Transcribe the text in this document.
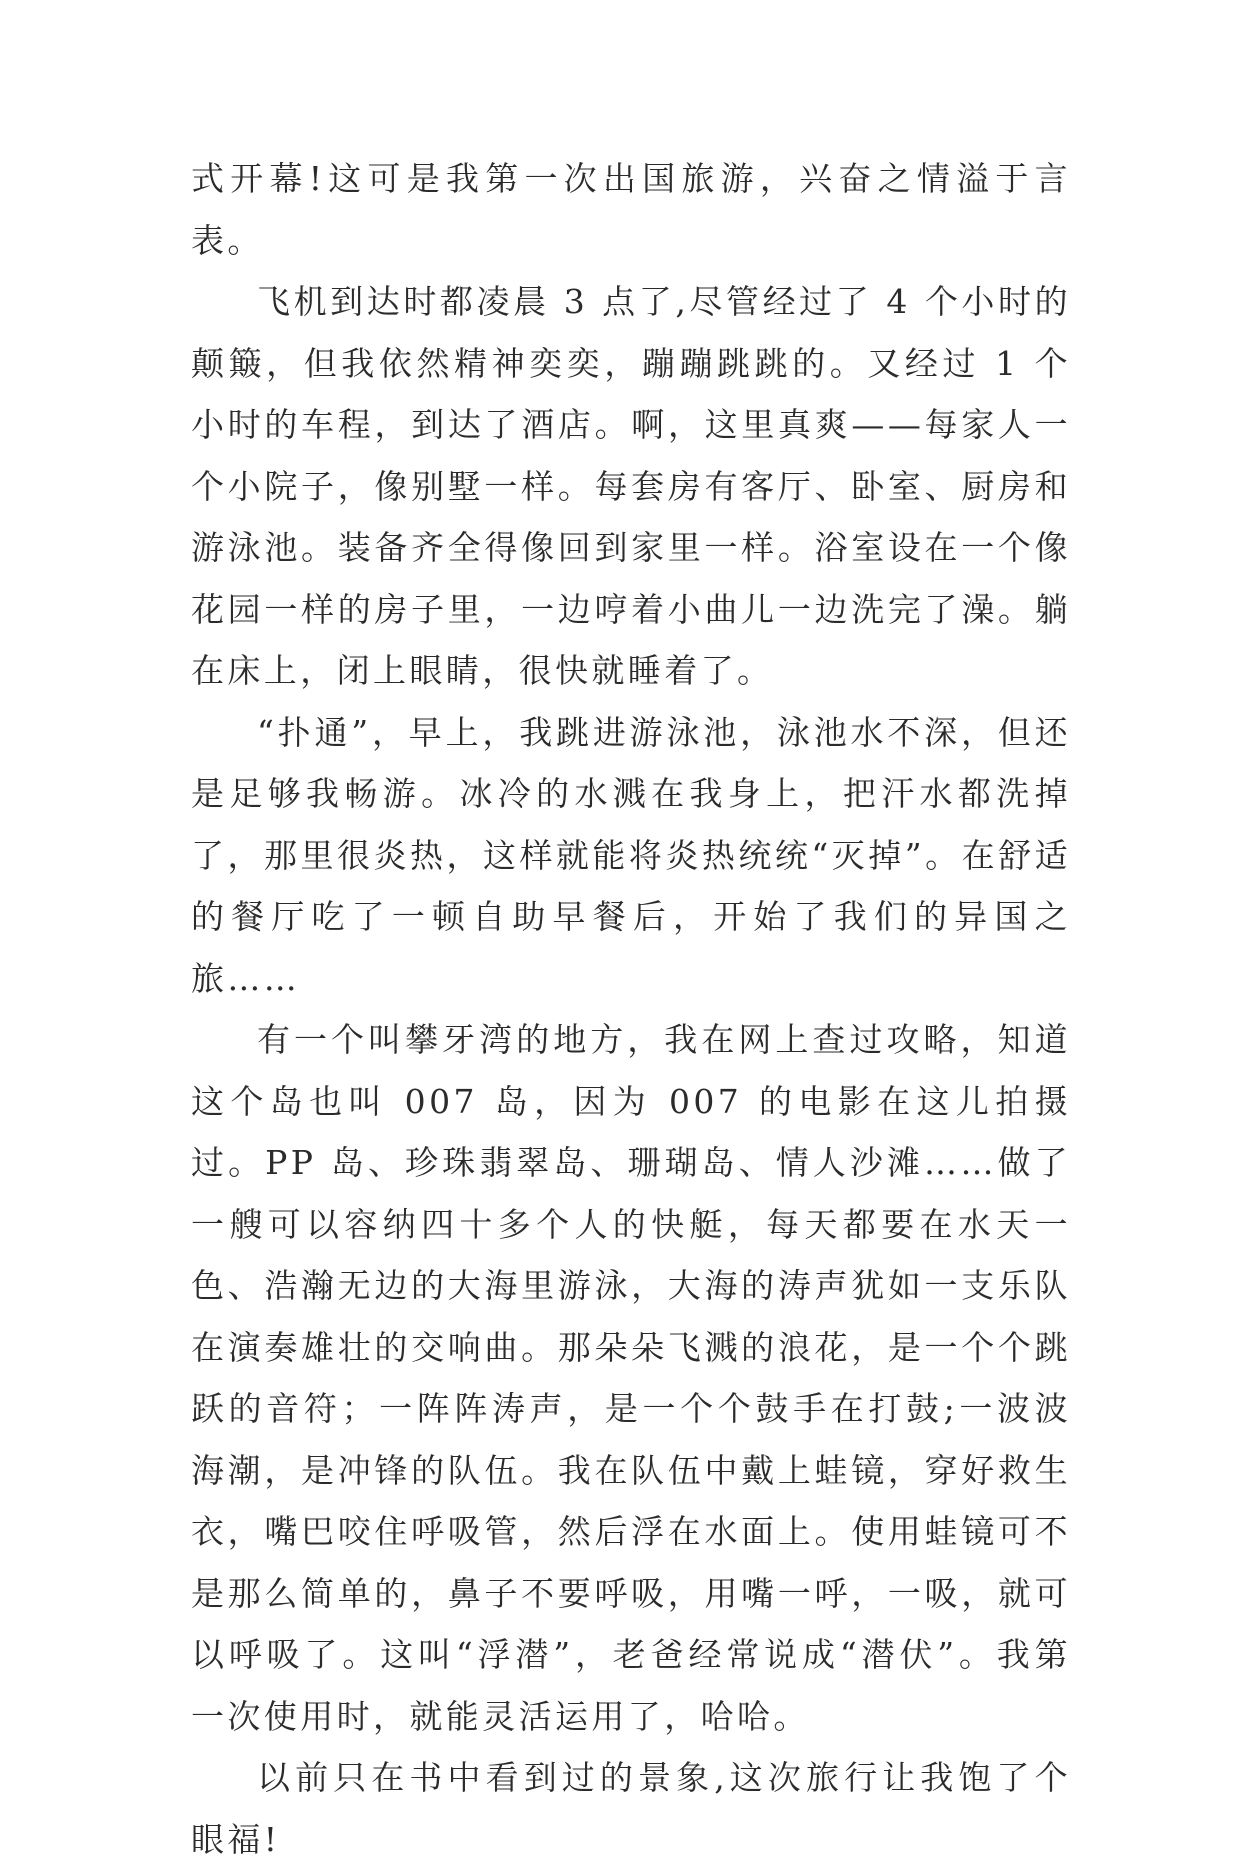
式开幕!这可是我第一次出国旅游，兴奋之情溢于言表。

飞机到达时都凌晨 3 点了,尽管经过了 4 个小时的颠簸，但我依然精神奕奕，蹦蹦跳跳的。又经过 1 个小时的车程，到达了酒店。啊，这里真爽——每家人一个小院子，像别墅一样。每套房有客厅、卧室、厨房和游泳池。装备齐全得像回到家里一样。浴室设在一个像花园一样的房子里，一边哼着小曲儿一边洗完了澡。躺在床上，闭上眼睛，很快就睡着了。

“扑通”，早上，我跳进游泳池，泳池水不深，但还是足够我畅游。冰冷的水溅在我身上，把汗水都洗掉了，那里很炎热，这样就能将炎热统统“灭掉”。在舒适的餐厅吃了一顿自助早餐后，开始了我们的异国之旅……

有一个叫攀牙湾的地方，我在网上查过攻略，知道这个岛也叫 007 岛，因为 007 的电影在这儿拍摄过。PP 岛、珍珠翡翠岛、珊瑚岛、情人沙滩……做了一艘可以容纳四十多个人的快艇，每天都要在水天一色、浩瀚无边的大海里游泳，大海的涛声犹如一支乐队在演奏雄壮的交响曲。那朵朵飞溅的浪花，是一个个跳跃的音符；一阵阵涛声，是一个个鼓手在打鼓;一波波海潮，是冲锋的队伍。我在队伍中戴上蛙镜，穿好救生衣，嘴巴咬住呼吸管，然后浮在水面上。使用蛙镜可不是那么简单的，鼻子不要呼吸，用嘴一呼，一吸，就可以呼吸了。这叫“浮潜”，老爸经常说成“潜伏”。我第一次使用时，就能灵活运用了，哈哈。

以前只在书中看到过的景象,这次旅行让我饱了个眼福!
